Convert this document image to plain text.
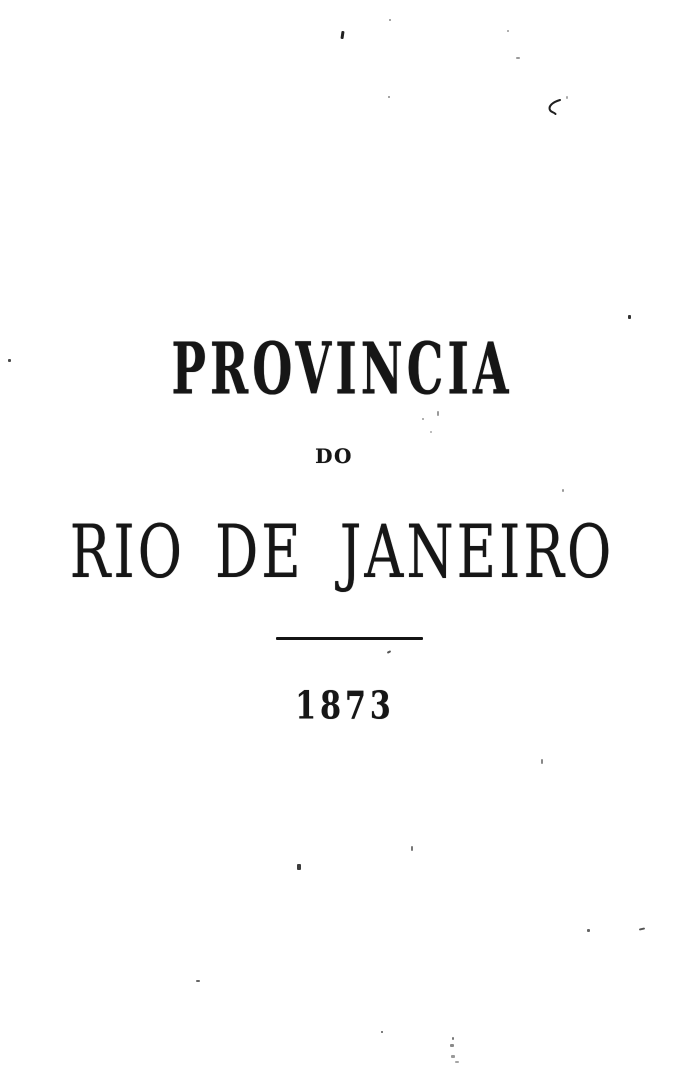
PROVINCIA
DO
RIO DE JANEIRO
1873
